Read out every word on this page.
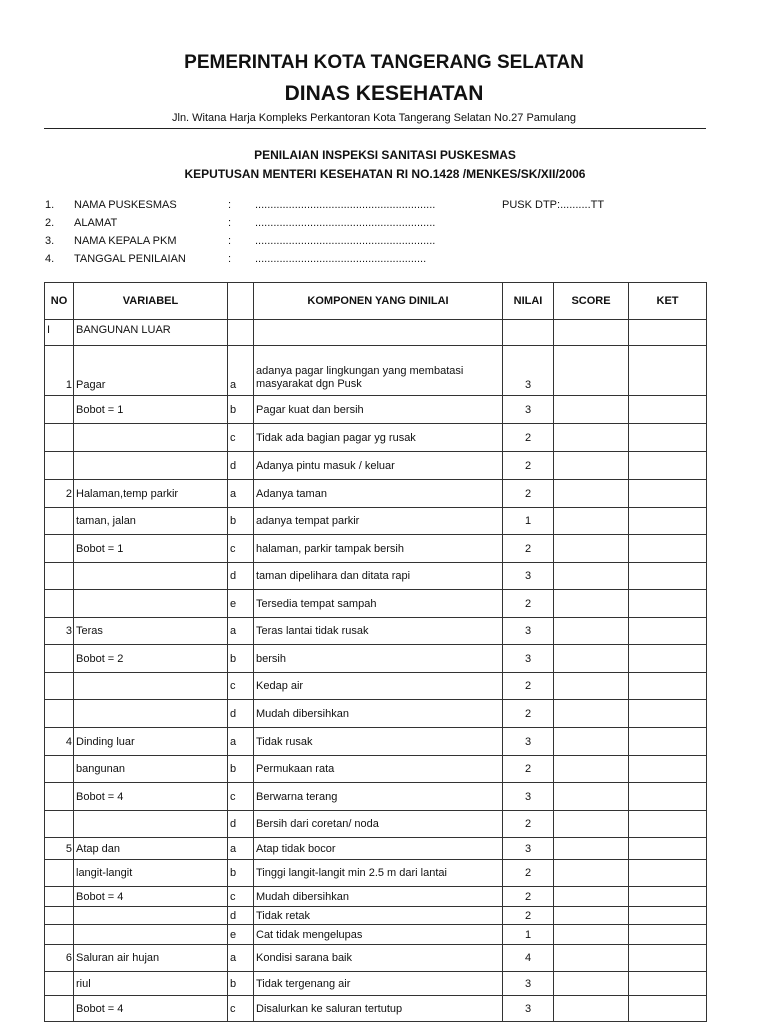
PEMERINTAH KOTA TANGERANG SELATAN
DINAS KESEHATAN
Jln. Witana Harja Kompleks Perkantoran Kota Tangerang Selatan No.27 Pamulang
PENILAIAN INSPEKSI SANITASI PUSKESMAS
KEPUTUSAN MENTERI KESEHATAN RI NO.1428 /MENKES/SK/XII/2006
1. NAMA PUSKESMAS	: ...........................................................
2. ALAMAT	: ...........................................................
3. NAMA KEPALA PKM	: ...........................................................
4. TANGGAL PENILAIAN	: ........................................................
PUSK DTP:..........TT
NO	VARIABEL		KOMPONEN YANG DINILAI	NILAI	SCORE	KET
I	BANGUNAN LUAR					
1	Pagar	a	adanya pagar lingkungan yang membatasi masyarakat dgn Pusk	3		
	Bobot = 1	b	Pagar kuat dan bersih	3		
		c	Tidak ada bagian pagar yg rusak	2		
		d	Adanya pintu masuk / keluar	2		
2	Halaman,temp parkir	a	Adanya taman	2		
	taman, jalan	b	adanya tempat parkir	1		
	Bobot = 1	c	halaman, parkir tampak bersih	2		
		d	taman dipelihara dan ditata rapi	3		
		e	Tersedia tempat sampah	2		
3	Teras	a	Teras lantai tidak rusak	3		
	Bobot = 2	b	bersih	3		
		c	Kedap air	2		
		d	Mudah dibersihkan	2		
4	Dinding luar	a	Tidak rusak	3		
	bangunan	b	Permukaan rata	2		
	Bobot = 4	c	Berwarna terang	3		
		d	Bersih dari coretan/ noda	2		
5	Atap dan	a	Atap tidak bocor	3		
	langit-langit	b	Tinggi langit-langit min 2.5 m dari lantai	2		
	Bobot = 4	c	Mudah dibersihkan	2		
		d	Tidak retak	2		
		e	Cat tidak mengelupas	1		
6	Saluran air hujan	a	Kondisi sarana baik	4		
	riul	b	Tidak tergenang air	3		
	Bobot = 4	c	Disalurkan ke saluran tertutup	3		
